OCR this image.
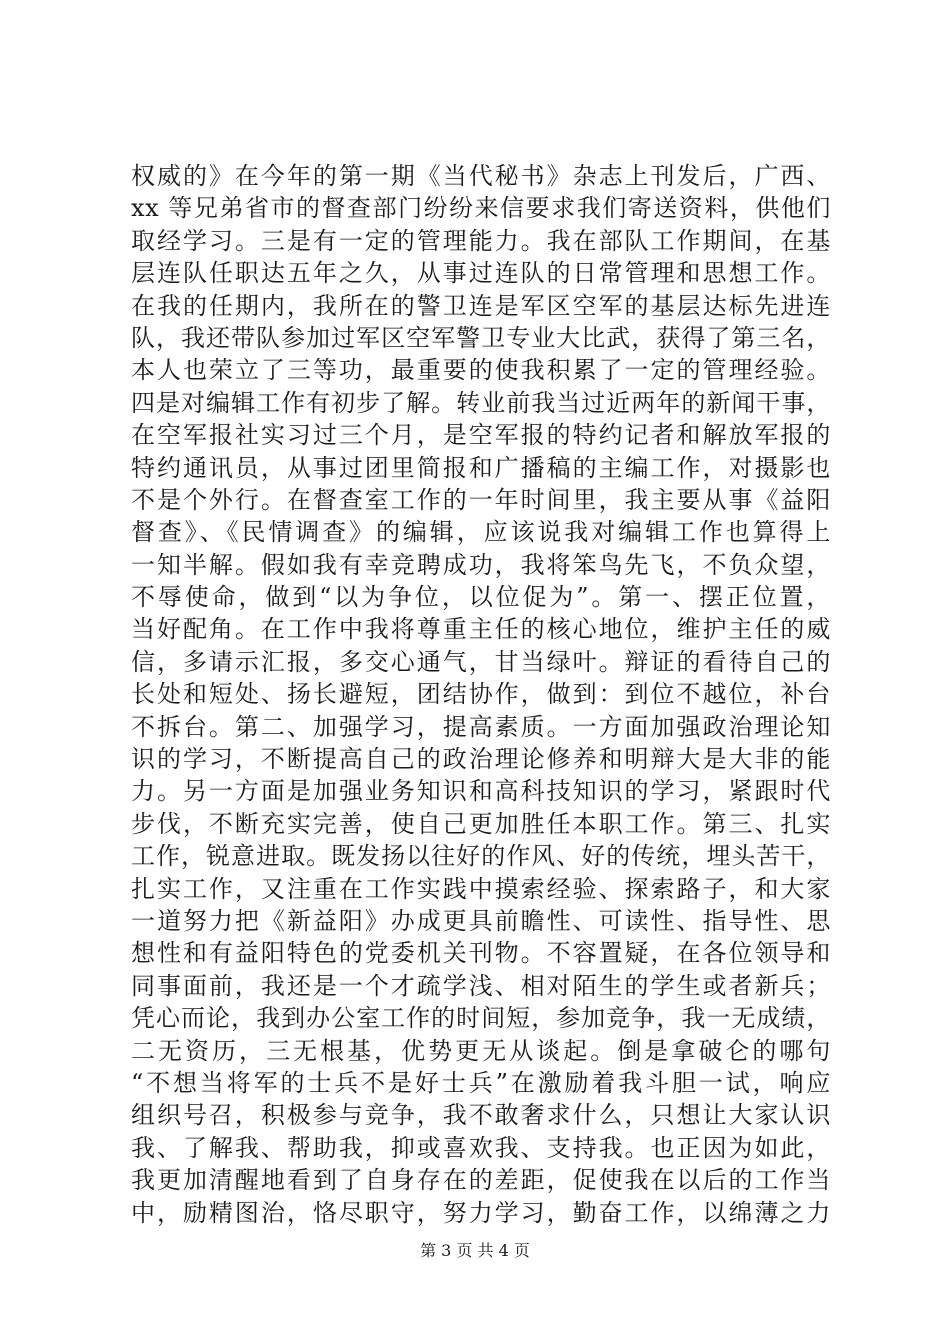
权威的》在今年的第一期《当代秘书》杂志上刊发后，广西、
xx 等兄弟省市的督查部门纷纷来信要求我们寄送资料，供他们
取经学习。三是有一定的管理能力。我在部队工作期间，在基
层连队任职达五年之久，从事过连队的日常管理和思想工作。
在我的任期内，我所在的警卫连是军区空军的基层达标先进连
队，我还带队参加过军区空军警卫专业大比武，获得了第三名，
本人也荣立了三等功，最重要的使我积累了一定的管理经验。
四是对编辑工作有初步了解。转业前我当过近两年的新闻干事，
在空军报社实习过三个月，是空军报的特约记者和解放军报的
特约通讯员，从事过团里简报和广播稿的主编工作，对摄影也
不是个外行。在督查室工作的一年时间里，我主要从事《益阳
督查》、《民情调查》的编辑，应该说我对编辑工作也算得上
一知半解。假如我有幸竞聘成功，我将笨鸟先飞，不负众望，
不辱使命，做到“以为争位，以位促为”。第一、摆正位置，
当好配角。在工作中我将尊重主任的核心地位，维护主任的威
信，多请示汇报，多交心通气，甘当绿叶。辩证的看待自己的
长处和短处、扬长避短，团结协作，做到：到位不越位，补台
不拆台。第二、加强学习，提高素质。一方面加强政治理论知
识的学习，不断提高自己的政治理论修养和明辩大是大非的能
力。另一方面是加强业务知识和高科技知识的学习，紧跟时代
步伐，不断充实完善，使自己更加胜任本职工作。第三、扎实
工作，锐意进取。既发扬以往好的作风、好的传统，埋头苦干，
扎实工作，又注重在工作实践中摸索经验、探索路子，和大家
一道努力把《新益阳》办成更具前瞻性、可读性、指导性、思
想性和有益阳特色的党委机关刊物。不容置疑，在各位领导和
同事面前，我还是一个才疏学浅、相对陌生的学生或者新兵；
凭心而论，我到办公室工作的时间短，参加竞争，我一无成绩，
二无资历，三无根基，优势更无从谈起。倒是拿破仑的哪句
“不想当将军的士兵不是好士兵”在激励着我斗胆一试，响应
组织号召，积极参与竞争，我不敢奢求什么，只想让大家认识
我、了解我、帮助我，抑或喜欢我、支持我。也正因为如此，
我更加清醒地看到了自身存在的差距，促使我在以后的工作当
中，励精图治，恪尽职守，努力学习，勤奋工作，以绵薄之力
第 3 页 共 4 页
